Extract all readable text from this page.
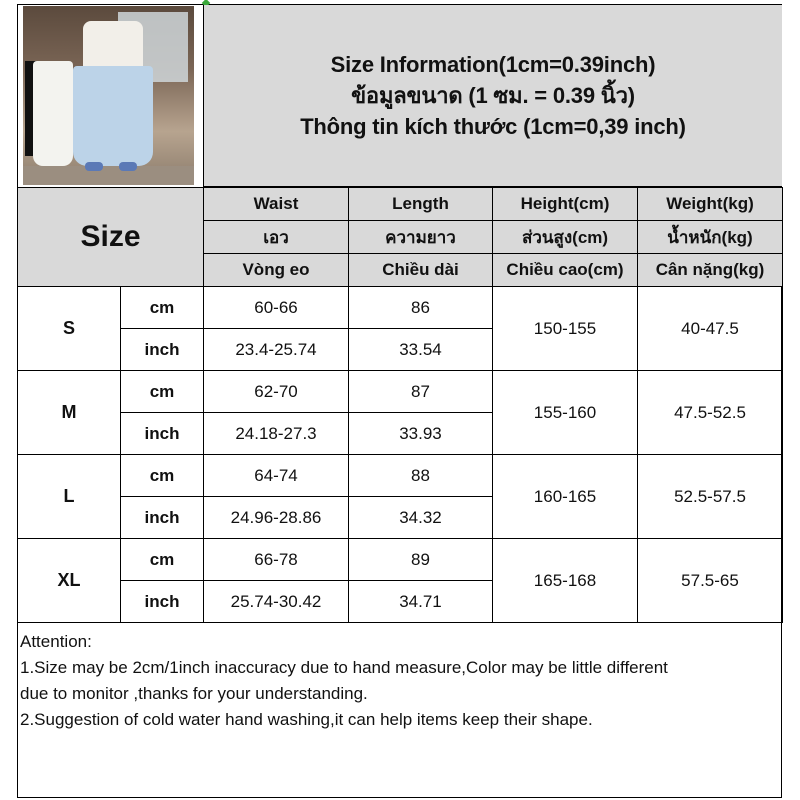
Size Information(1cm=0.39inch)
ข้อมูลขนาด (1 ซม. = 0.39 นิ้ว)
Thông tin kích thước (1cm=0,39 inch)
Size		Waist	Length	Height(cm)	Weight(kg)
		เอว	ความยาว	ส่วนสูง(cm)	น้ำหนัก(kg)
		Vòng eo	Chiều dài	Chiều cao(cm)	Cân nặng(kg)
S	cm	60-66	86	150-155	40-47.5
	inch	23.4-25.74	33.54		
M	cm	62-70	87	155-160	47.5-52.5
	inch	24.18-27.3	33.93		
L	cm	64-74	88	160-165	52.5-57.5
	inch	24.96-28.86	34.32		
XL	cm	66-78	89	165-168	57.5-65
	inch	25.74-30.42	34.71		
Attention:
1.Size may be 2cm/1inch inaccuracy due to hand measure,Color may be little different
due to monitor ,thanks for your understanding.
2.Suggestion of cold water hand washing,it can help items keep their shape.
